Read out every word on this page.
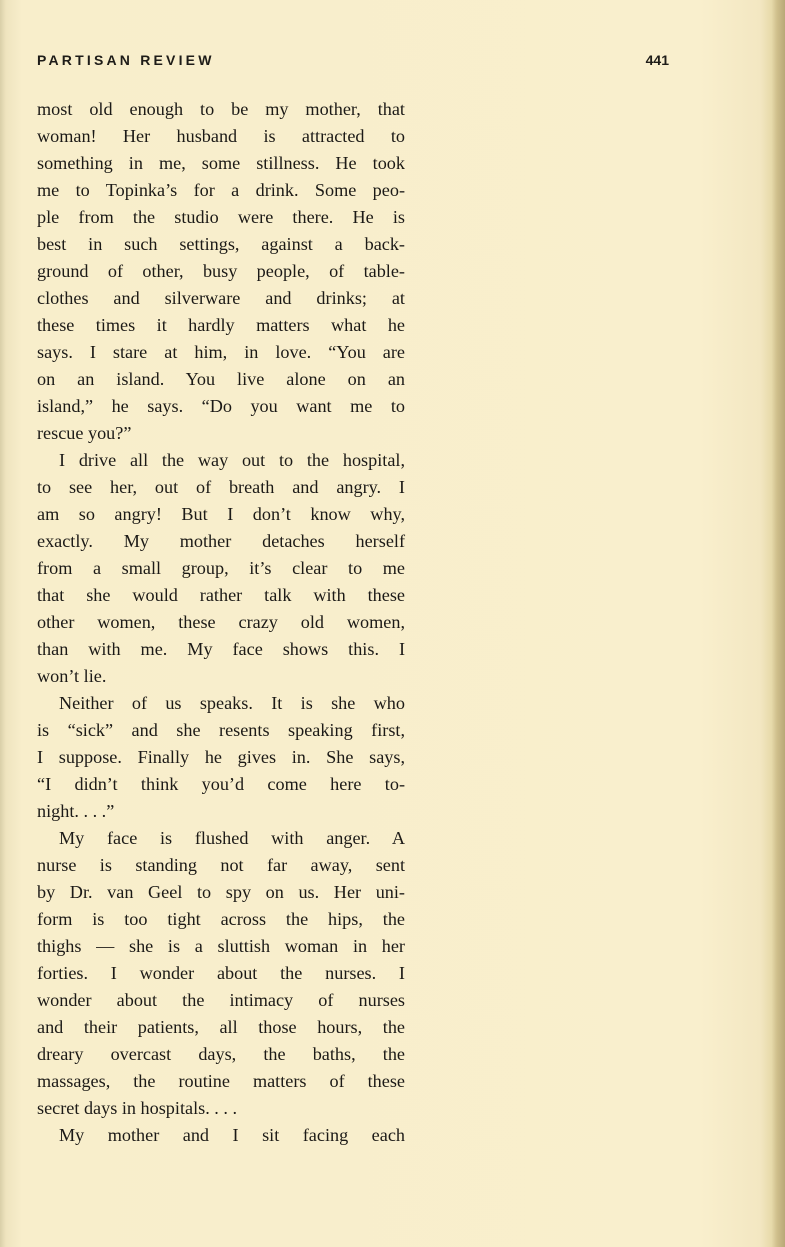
PARTISAN REVIEW	441
most old enough to be my mother, that
woman! Her husband is attracted to
something in me, some stillness. He took
me to Topinka’s for a drink. Some peo-
ple from the studio were there. He is
best in such settings, against a back-
ground of other, busy people, of table-
clothes and silverware and drinks; at
these times it hardly matters what he
says. I stare at him, in love. “You are
on an island. You live alone on an
island,” he says. “Do you want me to
rescue you?”
I drive all the way out to the hospital,
to see her, out of breath and angry. I
am so angry! But I don’t know why,
exactly. My mother detaches herself
from a small group, it’s clear to me
that she would rather talk with these
other women, these crazy old women,
than with me. My face shows this. I
won’t lie.
Neither of us speaks. It is she who
is “sick” and she resents speaking first,
I suppose. Finally he gives in. She says,
“I didn’t think you’d come here to-
night. . . .”
My face is flushed with anger. A
nurse is standing not far away, sent
by Dr. van Geel to spy on us. Her uni-
form is too tight across the hips, the
thighs — she is a sluttish woman in her
forties. I wonder about the nurses. I
wonder about the intimacy of nurses
and their patients, all those hours, the
dreary overcast days, the baths, the
massages, the routine matters of these
secret days in hospitals. . . .
My mother and I sit facing each
